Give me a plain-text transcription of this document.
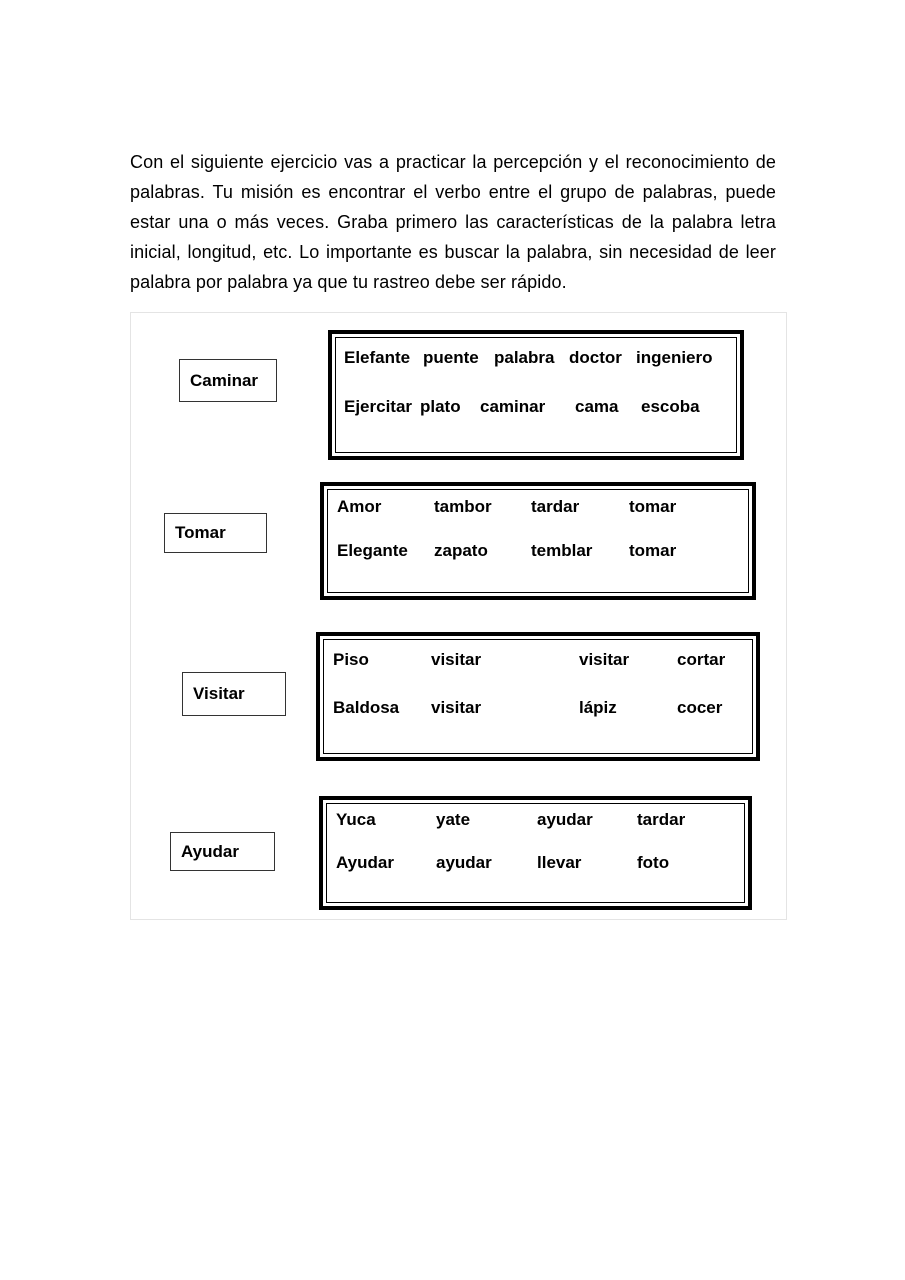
Con el siguiente ejercicio vas a practicar la percepción y el reconocimiento de palabras. Tu misión es encontrar el verbo entre el grupo de palabras, puede estar una o más veces. Graba primero las características de la palabra letra inicial, longitud, etc. Lo importante es buscar la palabra, sin necesidad de leer palabra por palabra ya que tu rastreo debe ser rápido.

Caminar
Elefante puente palabra doctor ingeniero
Ejercitar plato caminar cama escoba
Tomar
Amor	tambor tardar	tomar
Elegante zapato	temblar tomar
Visitar
Piso	visitar	visitar	cortar
Baldosa visitar	lápiz	cocer
Ayudar
Yuca	yate	ayudar	tardar
Ayudar ayudar	llevar	foto
